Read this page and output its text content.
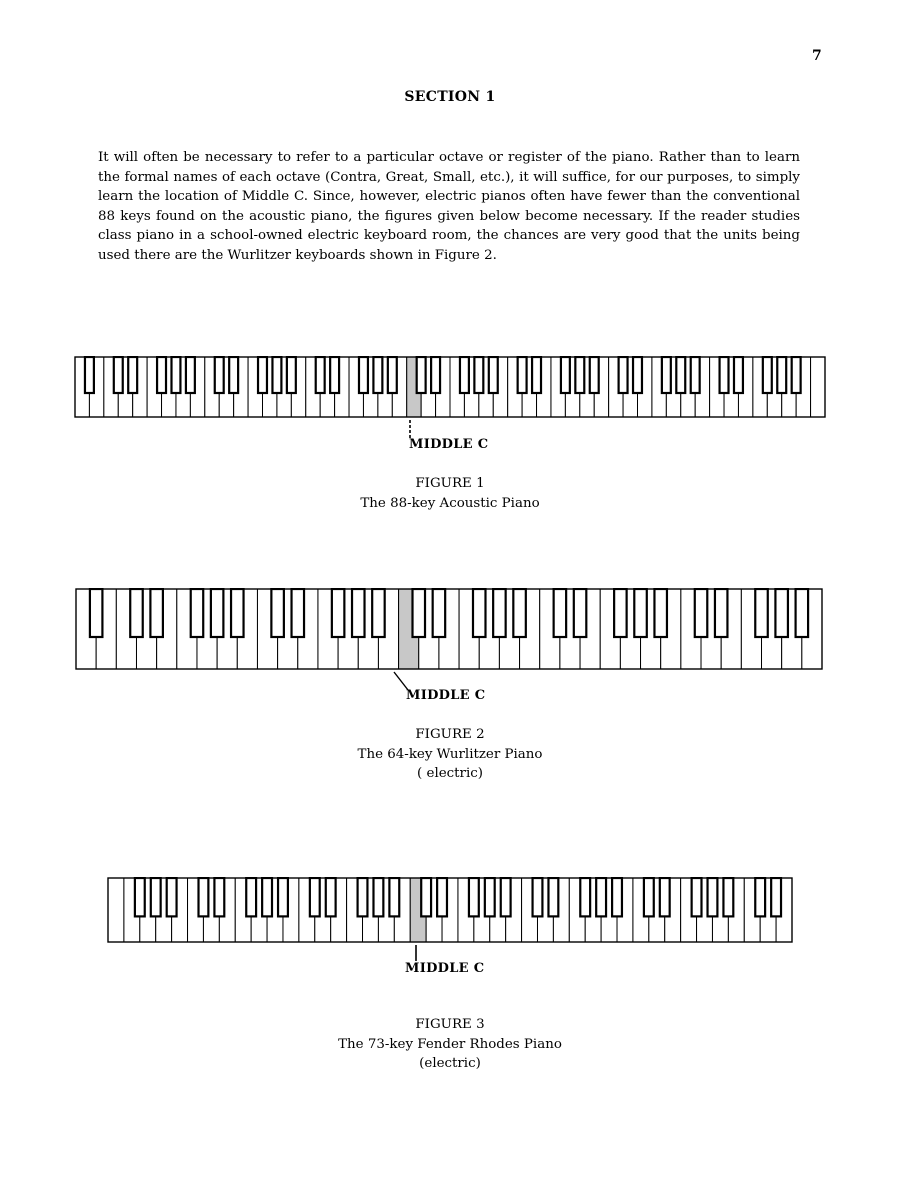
7
SECTION 1
It will often be necessary to refer to a particular octave or register of the piano. Rather than to learn the formal names of each octave (Contra, Great, Small, etc.), it will suffice, for our purposes, to simply learn the location of Middle C. Since, however, electric pianos often have fewer than the conventional 88 keys found on the acoustic piano, the figures given below become necessary. If the reader studies class piano in a school-owned electric keyboard room, the chances are very good that the units being used there are the Wurlitzer keyboards shown in Figure 2.
MIDDLE C
FIGURE 1
The 88-key Acoustic Piano
MIDDLE C
FIGURE 2
The 64-key Wurlitzer Piano
( electric)
MIDDLE C
FIGURE 3
The 73-key Fender Rhodes Piano
(electric)
